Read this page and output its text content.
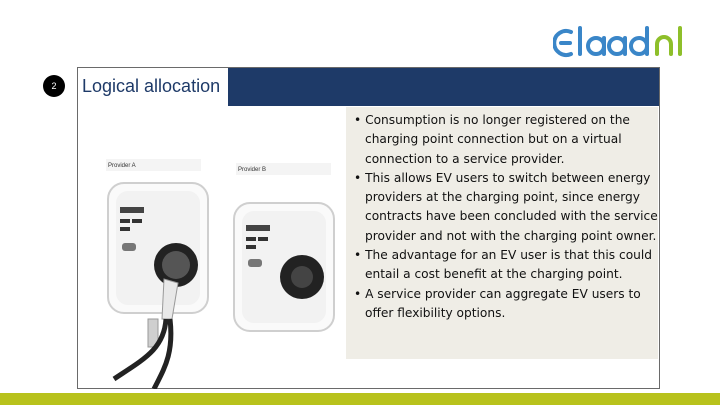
2	Logical allocation
Provider A
Provider B
• Consumption is no longer registered on the charging point connection but on a virtual connection to a service provider.
• This allows EV users to switch between energy providers at the charging point, since energy contracts have been concluded with the service provider and not with the charging point owner.
• The advantage for an EV user is that this could entail a cost benefit at the charging point.
• A service provider can aggregate EV users to offer flexibility options.
